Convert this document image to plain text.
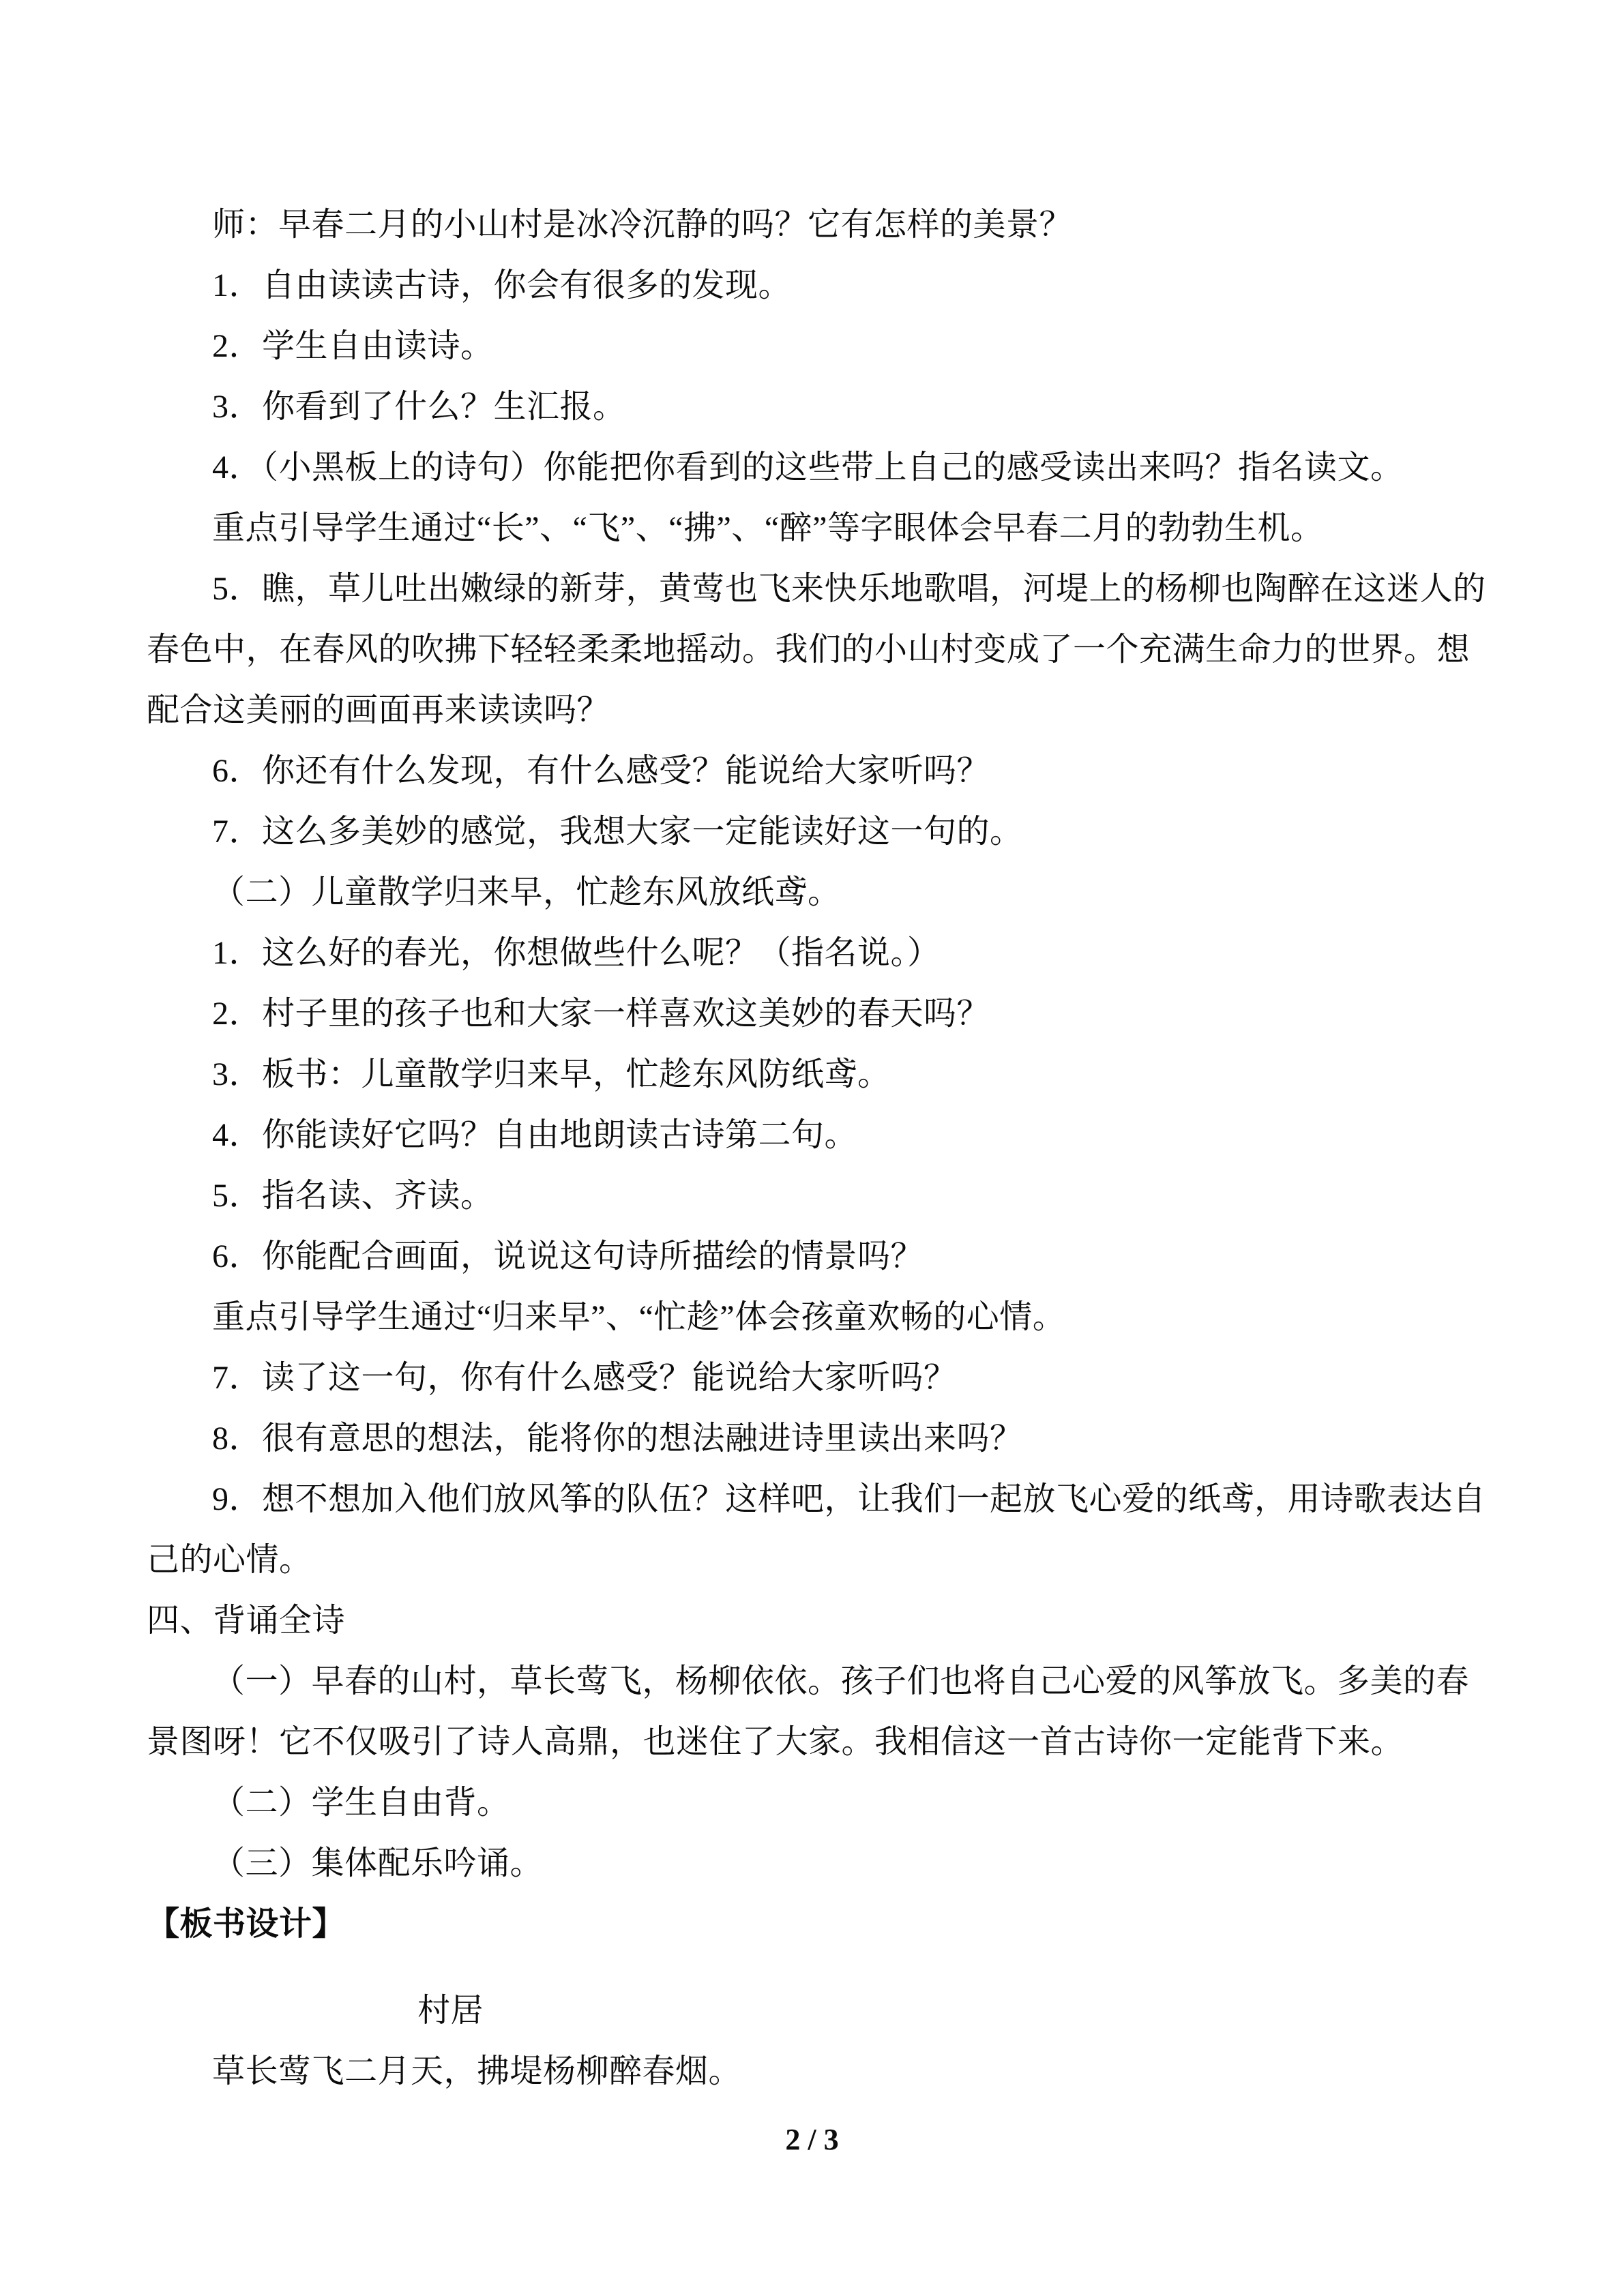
师：早春二月的小山村是冰冷沉静的吗？它有怎样的美景？
1．自由读读古诗，你会有很多的发现。
2．学生自由读诗。
3．你看到了什么？生汇报。
4．（小黑板上的诗句）你能把你看到的这些带上自己的感受读出来吗？指名读文。
重点引导学生通过“长”、“飞”、“拂”、“醉”等字眼体会早春二月的勃勃生机。
5．瞧，草儿吐出嫩绿的新芽，黄莺也飞来快乐地歌唱，河堤上的杨柳也陶醉在这迷人的
春色中，在春风的吹拂下轻轻柔柔地摇动。我们的小山村变成了一个充满生命力的世界。想
配合这美丽的画面再来读读吗？
6．你还有什么发现，有什么感受？能说给大家听吗？
7．这么多美妙的感觉，我想大家一定能读好这一句的。
（二）儿童散学归来早，忙趁东风放纸鸢。
1．这么好的春光，你想做些什么呢？（指名说。）
2．村子里的孩子也和大家一样喜欢这美妙的春天吗？
3．板书：儿童散学归来早，忙趁东风防纸鸢。
4．你能读好它吗？自由地朗读古诗第二句。
5．指名读、齐读。
6．你能配合画面，说说这句诗所描绘的情景吗？
重点引导学生通过“归来早”、“忙趁”体会孩童欢畅的心情。
7．读了这一句，你有什么感受？能说给大家听吗？
8．很有意思的想法，能将你的想法融进诗里读出来吗？
9．想不想加入他们放风筝的队伍？这样吧，让我们一起放飞心爱的纸鸢，用诗歌表达自
己的心情。
四、背诵全诗
（一）早春的山村，草长莺飞，杨柳依依。孩子们也将自己心爱的风筝放飞。多美的春
景图呀！它不仅吸引了诗人高鼎，也迷住了大家。我相信这一首古诗你一定能背下来。
（二）学生自由背。
（三）集体配乐吟诵。
【板书设计】
村居
草长莺飞二月天，拂堤杨柳醉春烟。
2 / 3
